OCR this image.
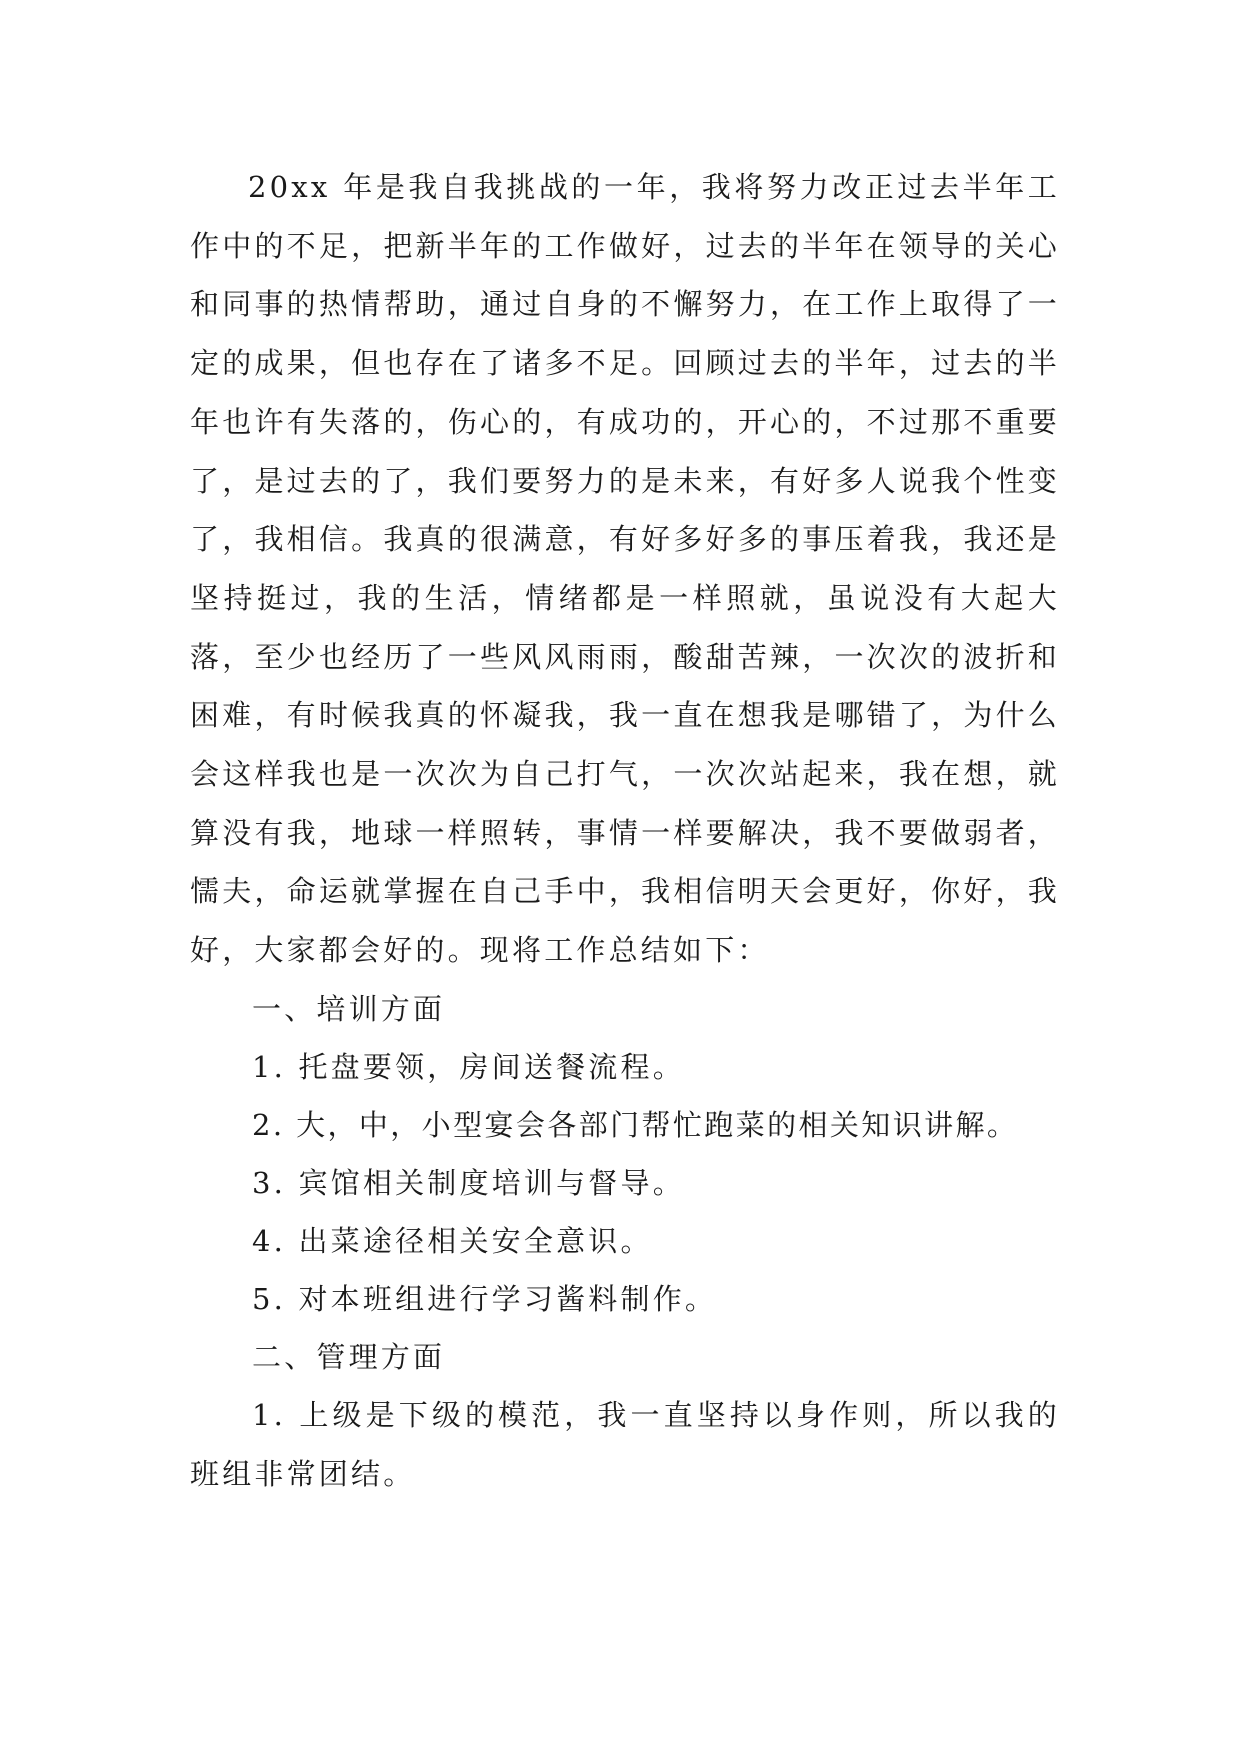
20xx 年是我自我挑战的一年，我将努力改正过去半年工作中的不足，把新半年的工作做好，过去的半年在领导的关心和同事的热情帮助，通过自身的不懈努力，在工作上取得了一定的成果，但也存在了诸多不足。回顾过去的半年，过去的半年也许有失落的，伤心的，有成功的，开心的，不过那不重要了，是过去的了，我们要努力的是未来，有好多人说我个性变了，我相信。我真的很满意，有好多好多的事压着我，我还是坚持挺过，我的生活，情绪都是一样照就，虽说没有大起大落，至少也经历了一些风风雨雨，酸甜苦辣，一次次的波折和困难，有时候我真的怀凝我，我一直在想我是哪错了，为什么会这样我也是一次次为自己打气，一次次站起来，我在想，就算没有我，地球一样照转，事情一样要解决，我不要做弱者，懦夫，命运就掌握在自己手中，我相信明天会更好，你好，我好，大家都会好的。现将工作总结如下：

一、培训方面

1. 托盘要领，房间送餐流程。

2. 大，中，小型宴会各部门帮忙跑菜的相关知识讲解。

3. 宾馆相关制度培训与督导。

4. 出菜途径相关安全意识。

5. 对本班组进行学习酱料制作。

二、管理方面

1. 上级是下级的模范，我一直坚持以身作则，所以我的班组非常团结。
